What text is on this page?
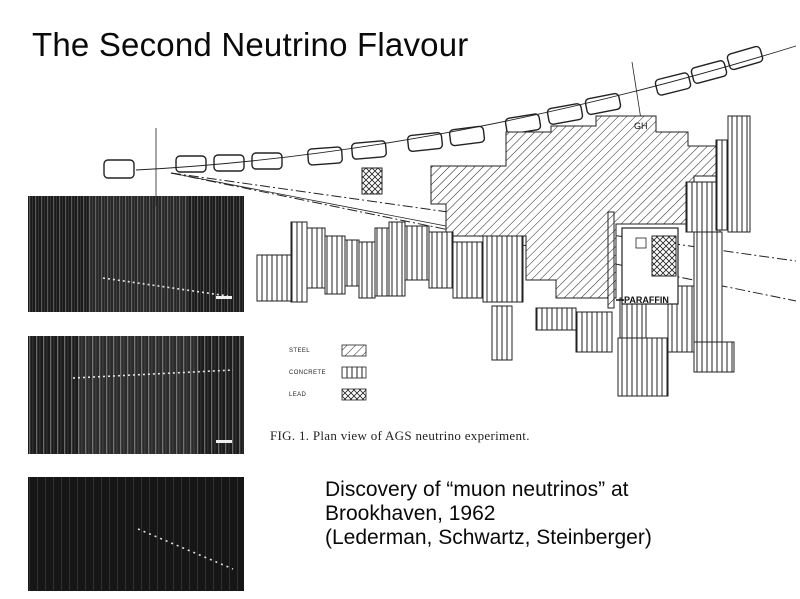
The Second Neutrino Flavour
PARAFFIN
GH
STEEL
CONCRETE
LEAD
FIG. 1. Plan view of AGS neutrino experiment.
Discovery of “muon neutrinos” at
Brookhaven, 1962
(Lederman, Schwartz, Steinberger)
